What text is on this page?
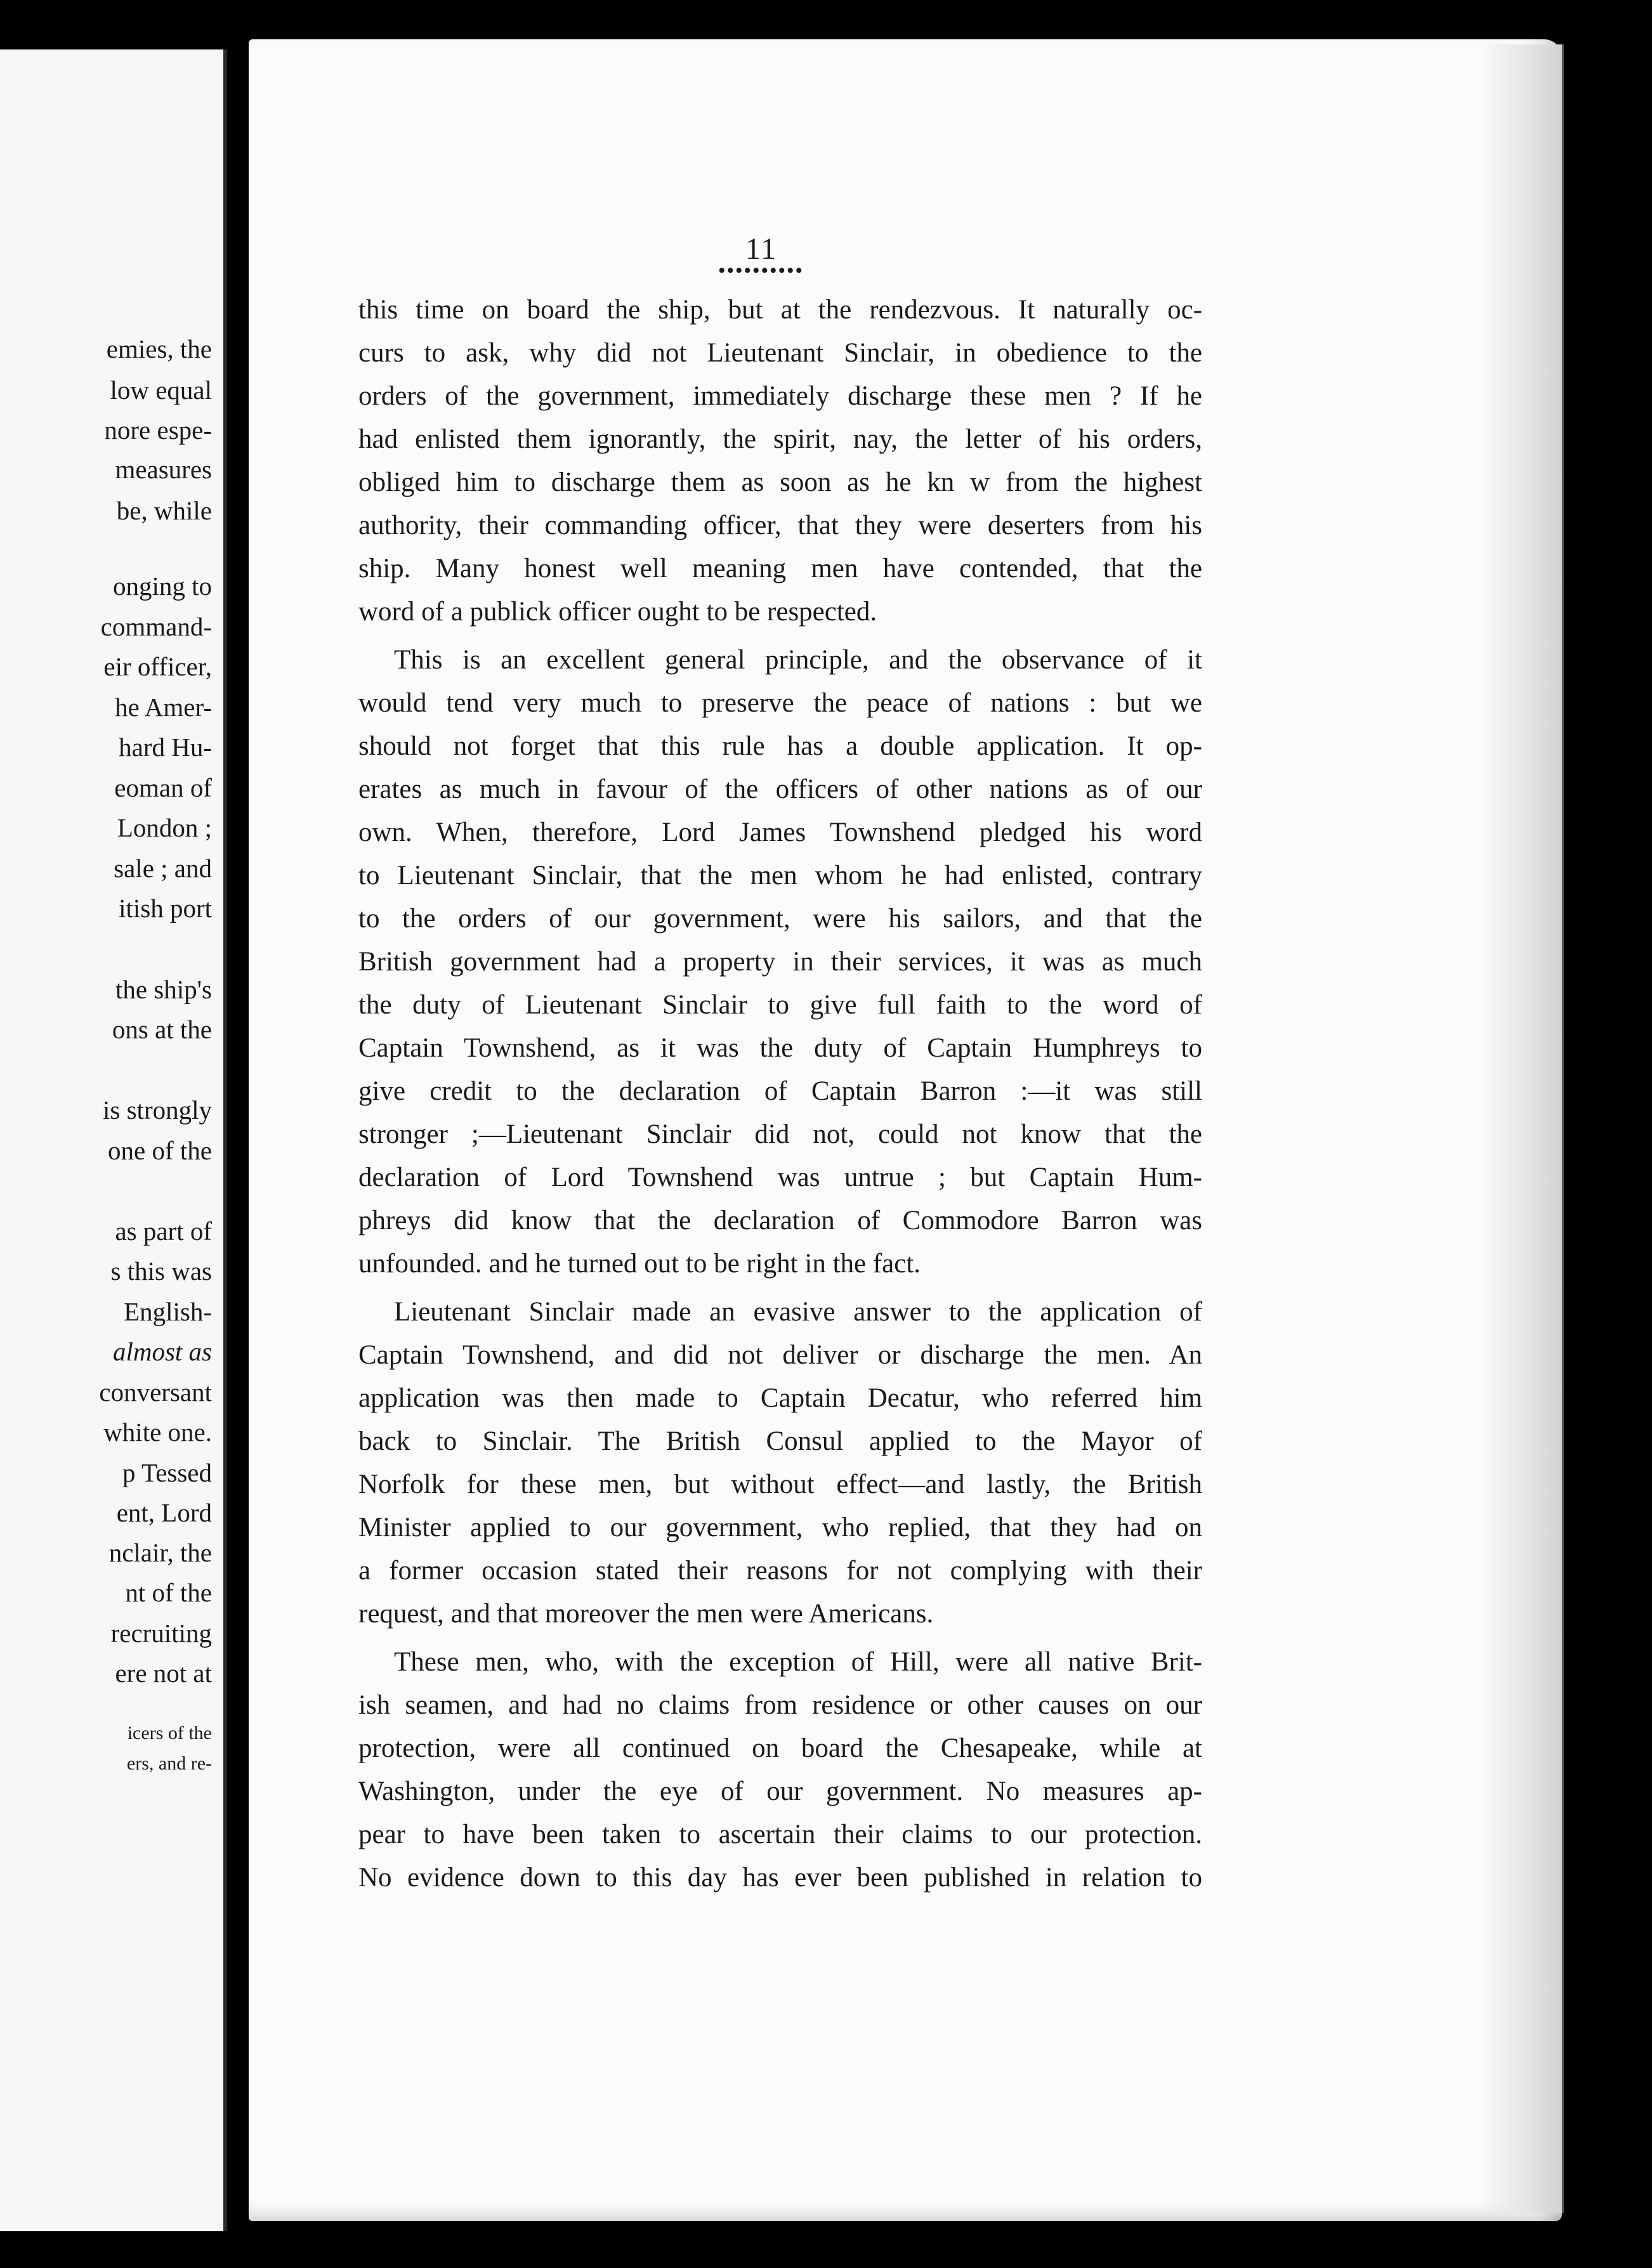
emies, the
low equal
nore espe-
measures
be, while
onging to
command-
eir officer,
he Amer-
hard Hu-
eoman of
London ;
sale ; and
itish port
the ship's
ons at the
is strongly
one of the
as part of
s this was
English-
almost as
conversant
white one.
p Tessed
ent, Lord
nclair, the
nt of the
recruiting
ere not at
icers of the
ers, and re-
11
••••••••••
this time on board the ship, but at the rendezvous. It naturally oc-
curs to ask, why did not Lieutenant Sinclair, in obedience to the
orders of the government, immediately discharge these men ? If he
had enlisted them ignorantly, the spirit, nay, the letter of his orders,
obliged him to discharge them as soon as he kn w from the highest
authority, their commanding officer, that they were deserters from his
ship. Many honest well meaning men have contended, that the
word of a publick officer ought to be respected.
This is an excellent general principle, and the observance of it
would tend very much to preserve the peace of nations : but we
should not forget that this rule has a double application. It op-
erates as much in favour of the officers of other nations as of our
own. When, therefore, Lord James Townshend pledged his word
to Lieutenant Sinclair, that the men whom he had enlisted, contrary
to the orders of our government, were his sailors, and that the
British government had a property in their services, it was as much
the duty of Lieutenant Sinclair to give full faith to the word of
Captain Townshend, as it was the duty of Captain Humphreys to
give credit to the declaration of Captain Barron :—it was still
stronger ;—Lieutenant Sinclair did not, could not know that the
declaration of Lord Townshend was untrue ; but Captain Hum-
phreys did know that the declaration of Commodore Barron was
unfounded. and he turned out to be right in the fact.
Lieutenant Sinclair made an evasive answer to the application of
Captain Townshend, and did not deliver or discharge the men. An
application was then made to Captain Decatur, who referred him
back to Sinclair. The British Consul applied to the Mayor of
Norfolk for these men, but without effect—and lastly, the British
Minister applied to our government, who replied, that they had on
a former occasion stated their reasons for not complying with their
request, and that moreover the men were Americans.
These men, who, with the exception of Hill, were all native Brit-
ish seamen, and had no claims from residence or other causes on our
protection, were all continued on board the Chesapeake, while at
Washington, under the eye of our government. No measures ap-
pear to have been taken to ascertain their claims to our protection.
No evidence down to this day has ever been published in relation to
